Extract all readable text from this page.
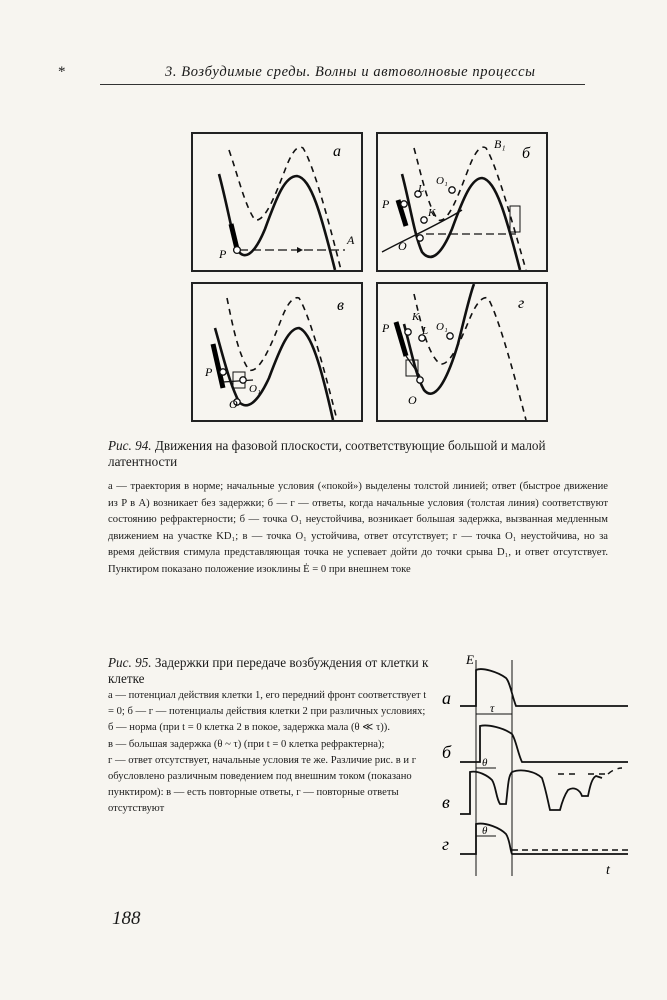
*	3. Возбудимые среды. Волны и автоволновые процессы
а
P
A
б
B₁
P
L
K
O₁
O
в
P
O₁
O
г
P
K
L O₁
O
Рис. 94. Движения на фазовой плоскости, соответствующие большой и малой латентности
а — траектория в норме; начальные условия («покой») выделены толстой линией; ответ (быстрое движение из P в A) возникает без задержки; б — г — ответы, когда начальные условия (толстая линия) соответствуют состоянию рефрактерности; б — точка O₁ неустойчива, возникает большая задержка, вызванная медленным движением на участке KD₁; в — точка O₁ устойчива, ответ отсутствует; г — точка O₁ неустойчива, но за время действия стимула представляющая точка не успевает дойти до точки срыва D₁, и ответ отсутствует. Пунктиром показано положение изоклины Ė = 0 при внешнем токе
Рис. 95. Задержки при передаче возбуждения от клетки к клетке

а — потенциал действия клетки 1, его передний фронт соответствует t = 0; б — г — потенциалы действия клетки 2 при различных условиях;

б — норма (при t = 0 клетка 2 в покое, задержка мала (θ ≪ τ)).

в — большая задержка (θ ~ τ) (при t = 0 клетка рефрактерна);

г — ответ отсутствует, начальные условия те же. Различие рис. в и г обусловлено различным поведением под внешним током (показано пунктиром): в — есть повторные ответы, г — повторные ответы отсутствуют

E
t
а
б
в
г
τ
θ
θ
188
